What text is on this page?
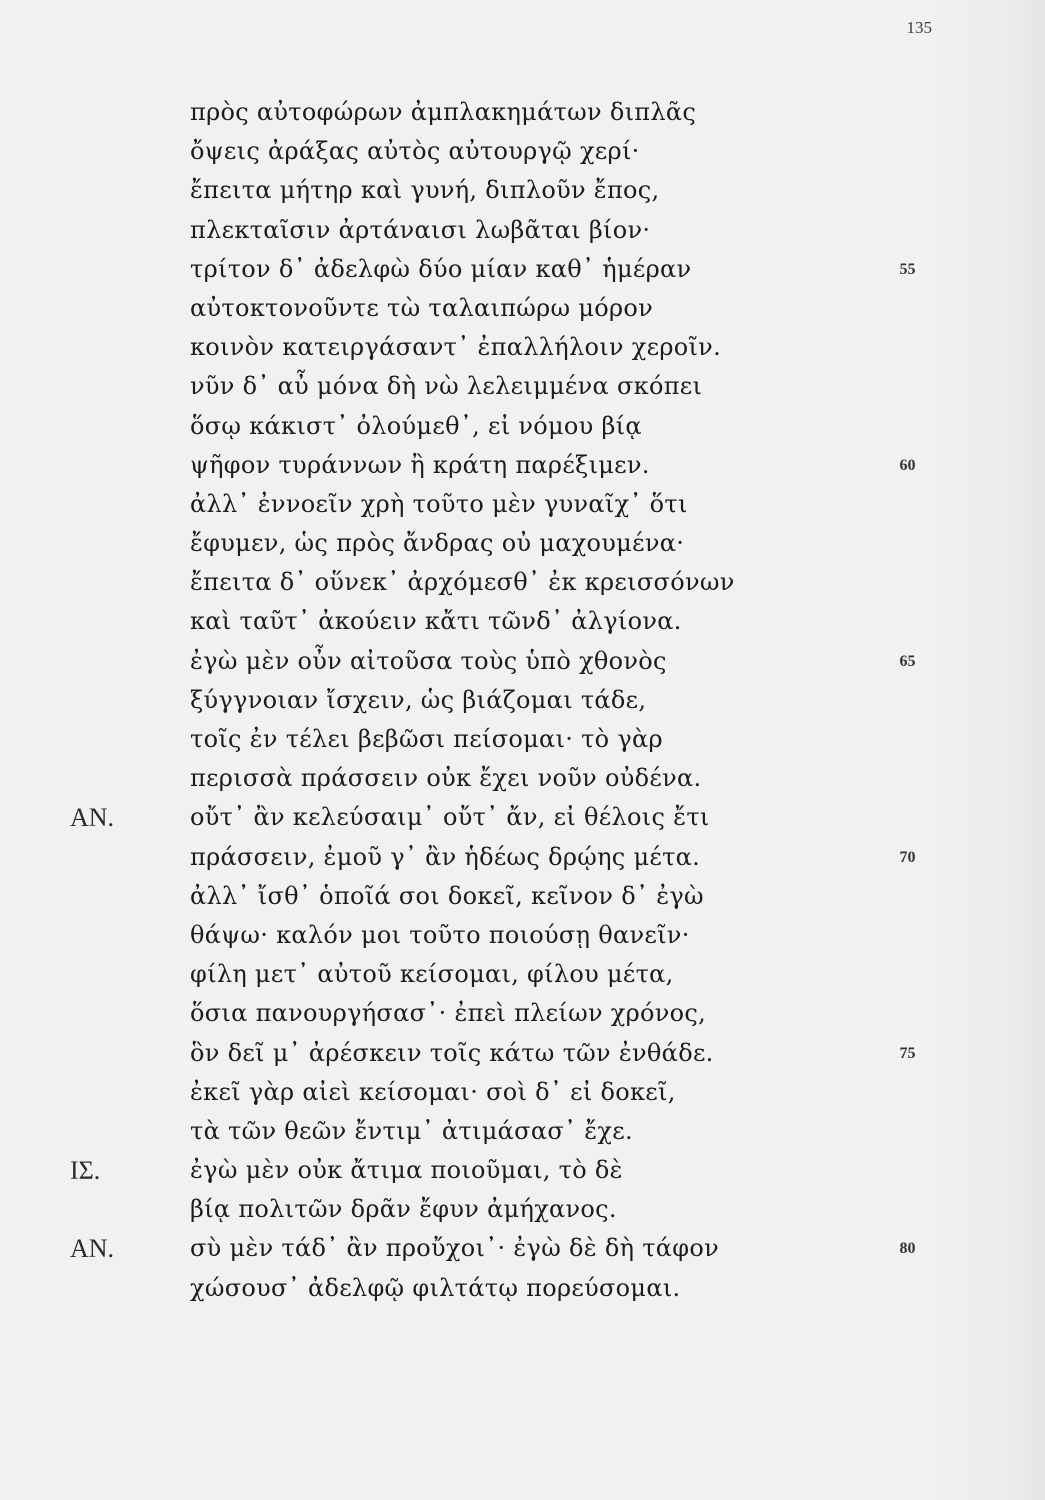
135
πρὸς αὐτοφώρων ἀμπλακημάτων διπλᾶς
ὄψεις ἀράξας αὐτὸς αὐτουργῷ χερί·
ἔπειτα μήτηρ καὶ γυνή, διπλοῦν ἔπος,
πλεκταῖσιν ἀρτάναισι λωβᾶται βίον·
τρίτον δ᾿ ἀδελφὼ δύο μίαν καθ᾿ ἡμέραν	55
αὐτοκτονοῦντε τὼ ταλαιπώρω μόρον
κοινὸν κατειργάσαντ᾿ ἐπαλλήλοιν χεροῖν.
νῦν δ᾿ αὖ μόνα δὴ νὼ λελειμμένα σκόπει
ὅσῳ κάκιστ᾿ ὀλούμεθ᾿, εἰ νόμου βίᾳ
ψῆφον τυράννων ἢ κράτη παρέξιμεν.	60
ἀλλ᾿ ἐννοεῖν χρὴ τοῦτο μὲν γυναῖχ᾿ ὅτι
ἔφυμεν, ὡς πρὸς ἄνδρας οὐ μαχουμένα·
ἔπειτα δ᾿ οὕνεκ᾿ ἀρχόμεσθ᾿ ἐκ κρεισσόνων
καὶ ταῦτ᾿ ἀκούειν κἄτι τῶνδ᾿ ἀλγίονα.
ἐγὼ μὲν οὖν αἰτοῦσα τοὺς ὑπὸ χθονὸς	65
ξύγγνοιαν ἴσχειν, ὡς βιάζομαι τάδε,
τοῖς ἐν τέλει βεβῶσι πείσομαι· τὸ γὰρ
περισσὰ πράσσειν οὐκ ἔχει νοῦν οὐδένα.
ΑΝ.	οὔτ᾿ ἂν κελεύσαιμ᾿ οὔτ᾿ ἄν, εἰ θέλοις ἔτι
πράσσειν, ἐμοῦ γ᾿ ἂν ἡδέως δρῴης μέτα.	70
ἀλλ᾿ ἴσθ᾿ ὁποῖά σοι δοκεῖ, κεῖνον δ᾿ ἐγὼ
θάψω· καλόν μοι τοῦτο ποιούσῃ θανεῖν·
φίλη μετ᾿ αὐτοῦ κείσομαι, φίλου μέτα,
ὅσια πανουργήσασ᾿· ἐπεὶ πλείων χρόνος,
ὃν δεῖ μ᾿ ἀρέσκειν τοῖς κάτω τῶν ἐνθάδε.	75
ἐκεῖ γὰρ αἰεὶ κείσομαι· σοὶ δ᾿ εἰ δοκεῖ,
τὰ τῶν θεῶν ἔντιμ᾿ ἀτιμάσασ᾿ ἔχε.
ΙΣ.	ἐγὼ μὲν οὐκ ἄτιμα ποιοῦμαι, τὸ δὲ
βίᾳ πολιτῶν δρᾶν ἔφυν ἀμήχανος.
ΑΝ.	σὺ μὲν τάδ᾿ ἂν προὔχοι᾿· ἐγὼ δὲ δὴ τάφον	80
χώσουσ᾿ ἀδελφῷ φιλτάτῳ πορεύσομαι.
